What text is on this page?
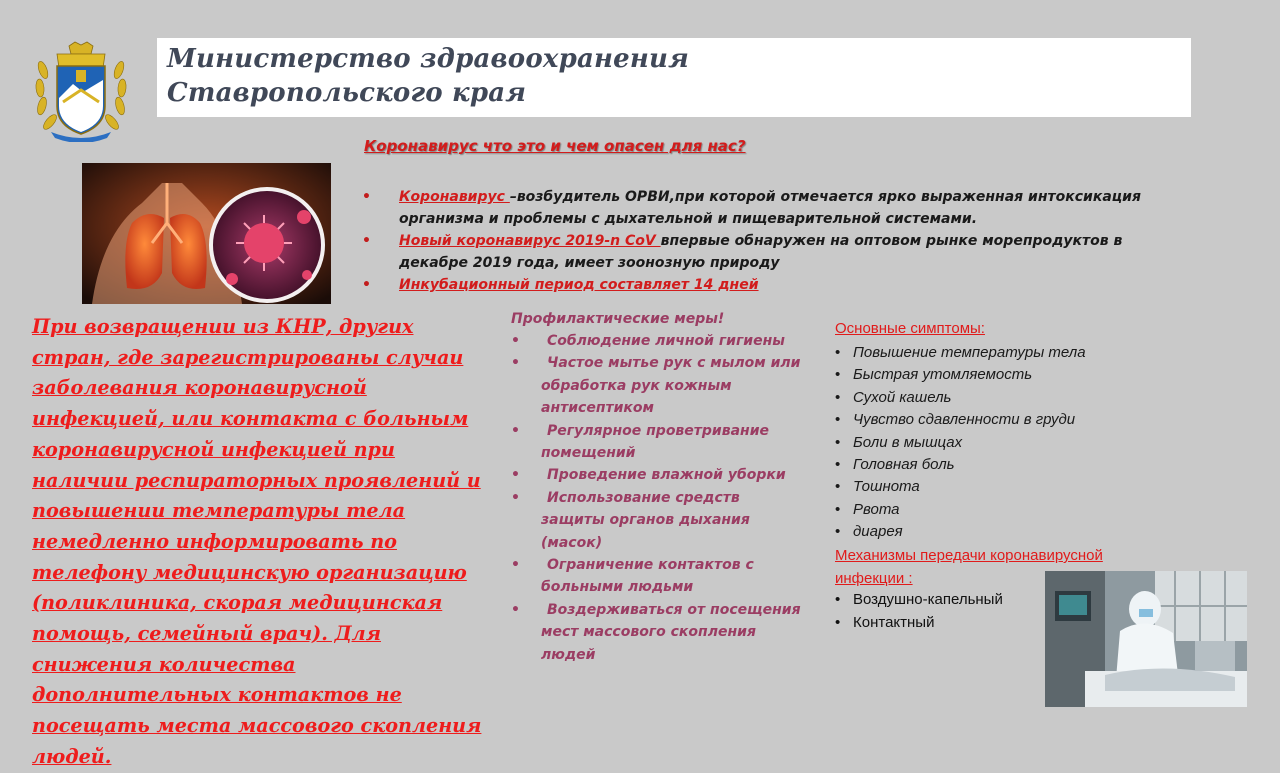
Министерство здравоохранения
Ставропольского края
Коронавирус что это и чем опасен для нас?
• Коронавирус –возбудитель ОРВИ,при которой отмечается ярко выраженная интоксикация организма и проблемы с дыхательной и пищеварительной системами.
• Новый коронавирус 2019-n CoV впервые обнаружен на оптовом рынке морепродуктов в декабре 2019 года, имеет зоонозную природу
• Инкубационный период составляет 14 дней
При возвращении из КНР, других стран, где зарегистрированы случаи заболевания коронавирусной инфекцией, или контакта с больным коронавирусной инфекцией при наличии респираторных проявлений и повышении температуры тела немедленно информировать по телефону медицинскую организацию (поликлиника, скорая медицинская помощь, семейный врач). Для снижения количества дополнительных контактов не посещать места массового скопления людей.
Профилактические меры!
• Соблюдение личной гигиены
• Частое мытье рук с мылом или обработка рук кожным антисептиком
• Регулярное проветривание помещений
• Проведение влажной уборки
• Использование средств защиты органов дыхания (масок)
• Ограничение контактов с больными людьми
• Воздерживаться от посещения мест массового скопления людей
Основные симптомы:
• Повышение температуры тела
• Быстрая утомляемость
• Сухой кашель
• Чувство сдавленности в груди
• Боли в мышцах
• Головная боль
• Тошнота
• Рвота
• диарея
Механизмы передачи коронавирусной инфекции :
• Воздушно-капельный
• Контактный
